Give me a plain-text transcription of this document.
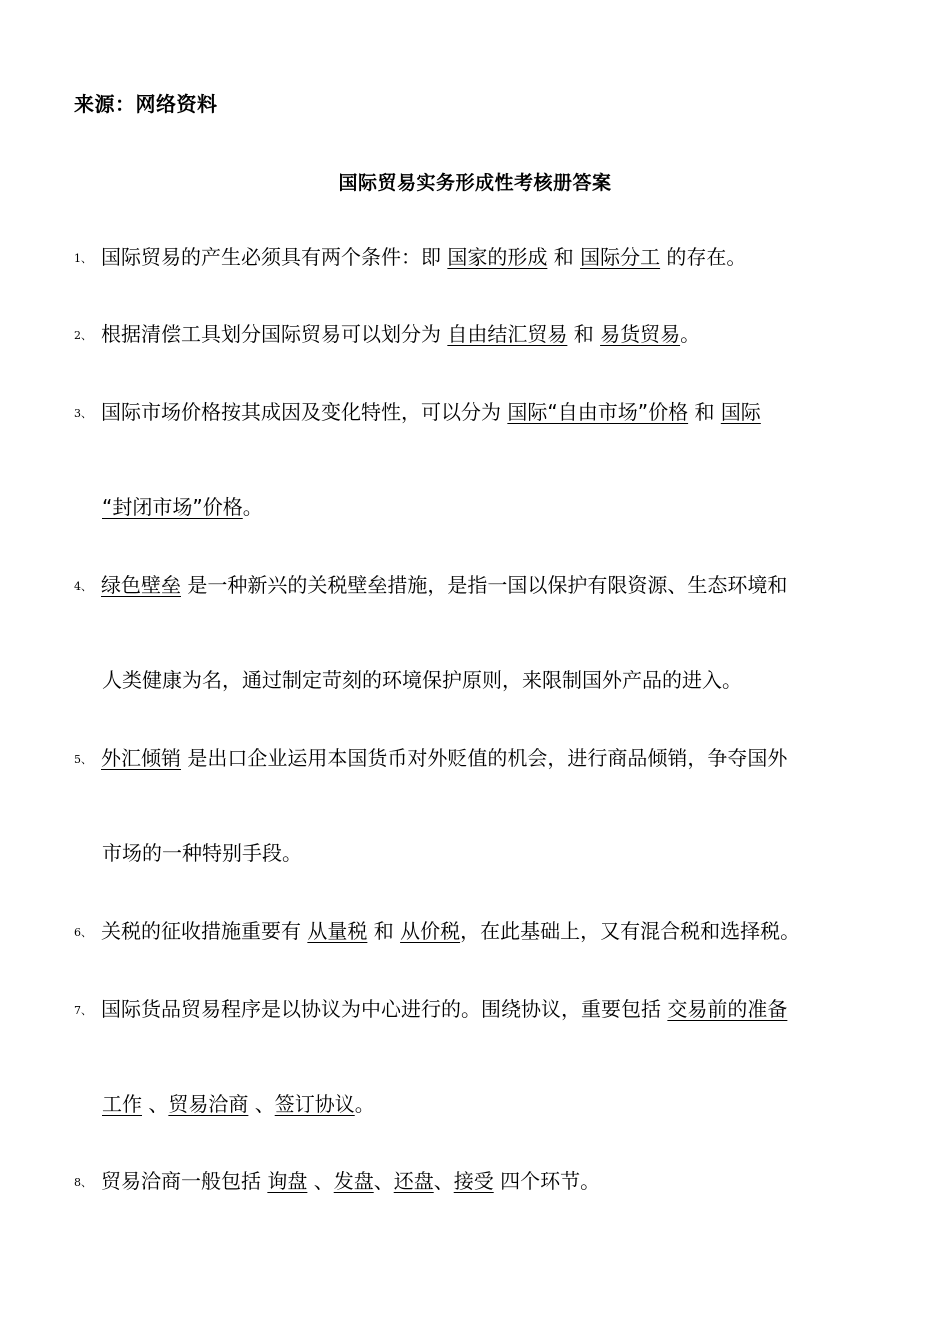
来源：网络资料
国际贸易实务形成性考核册答案
1、 国际贸易的产生必须具有两个条件：即 国家的形成 和 国际分工 的存在。
2、 根据清偿工具划分国际贸易可以划分为 自由结汇贸易 和 易货贸易。
3、 国际市场价格按其成因及变化特性，可以分为 国际“自由市场”价格 和 国际
“封闭市场”价格。
4、 绿色壁垒 是一种新兴的关税壁垒措施，是指一国以保护有限资源、生态环境和
人类健康为名，通过制定苛刻的环境保护原则，来限制国外产品的进入。
5、 外汇倾销 是出口企业运用本国货币对外贬值的机会，进行商品倾销，争夺国外
市场的一种特别手段。
6、 关税的征收措施重要有 从量税 和 从价税，在此基础上，又有混合税和选择税。
7、 国际货品贸易程序是以协议为中心进行的。围绕协议，重要包括 交易前的准备
工作 、贸易洽商 、签订协议。
8、 贸易洽商一般包括 询盘 、发盘、还盘、接受 四个环节。
